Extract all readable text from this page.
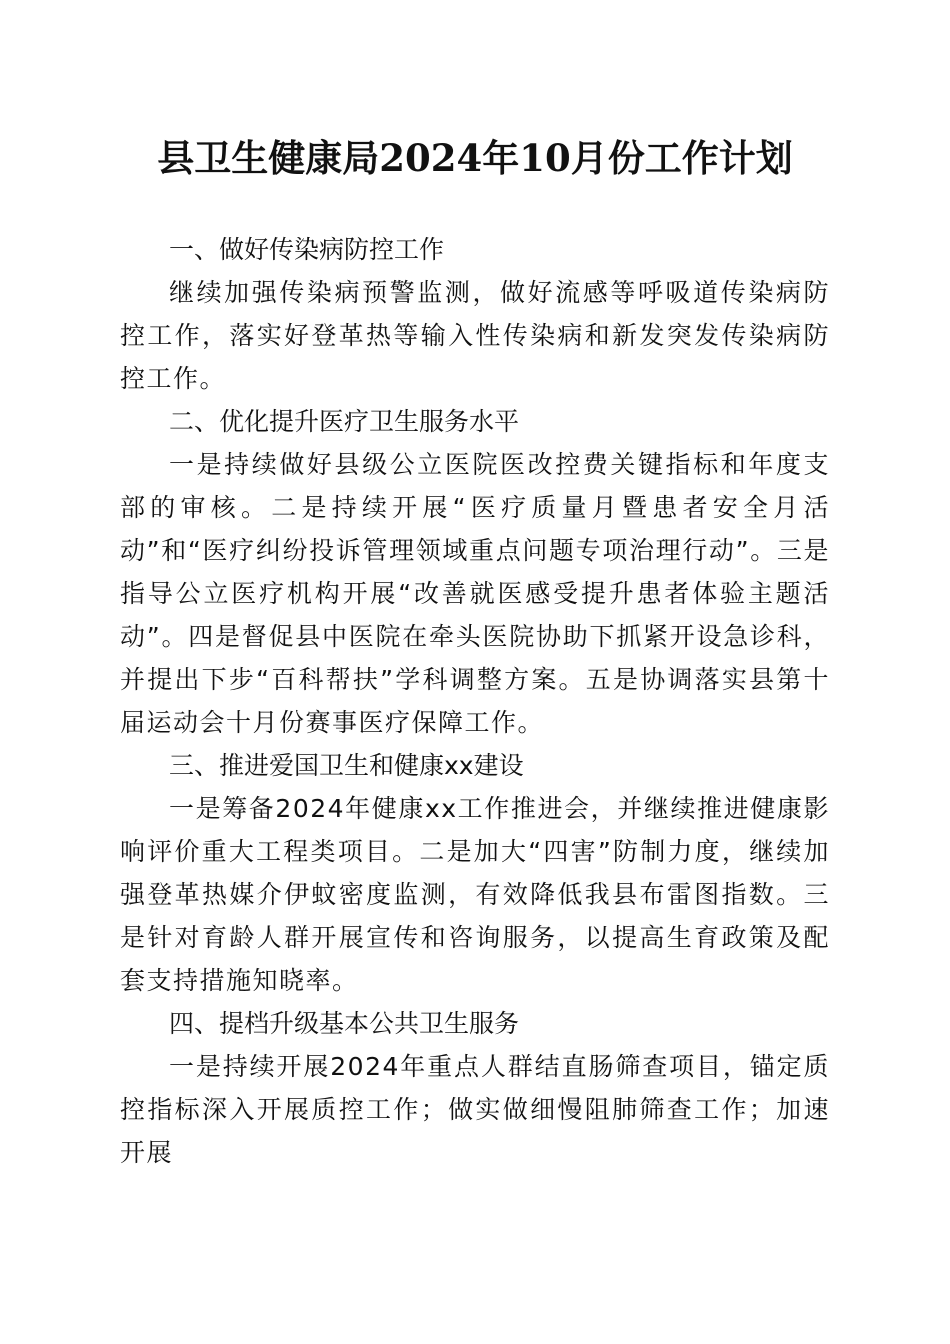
县卫生健康局2024年10月份工作计划
一、做好传染病防控工作

继续加强传染病预警监测，做好流感等呼吸道传染病防控工作，落实好登革热等输入性传染病和新发突发传染病防控工作。

二、优化提升医疗卫生服务水平

一是持续做好县级公立医院医改控费关键指标和年度支部的审核。二是持续开展“医疗质量月暨患者安全月活动”和“医疗纠纷投诉管理领域重点问题专项治理行动”。三是指导公立医疗机构开展“改善就医感受提升患者体验主题活动”。四是督促县中医院在牵头医院协助下抓紧开设急诊科，并提出下步“百科帮扶”学科调整方案。五是协调落实县第十届运动会十月份赛事医疗保障工作。

三、推进爱国卫生和健康xx建设

一是筹备2024年健康xx工作推进会，并继续推进健康影响评价重大工程类项目。二是加大“四害”防制力度，继续加强登革热媒介伊蚊密度监测，有效降低我县布雷图指数。三是针对育龄人群开展宣传和咨询服务，以提高生育政策及配套支持措施知晓率。

四、提档升级基本公共卫生服务

一是持续开展2024年重点人群结直肠筛查项目，锚定质控指标深入开展质控工作；做实做细慢阻肺筛查工作；加速开展
